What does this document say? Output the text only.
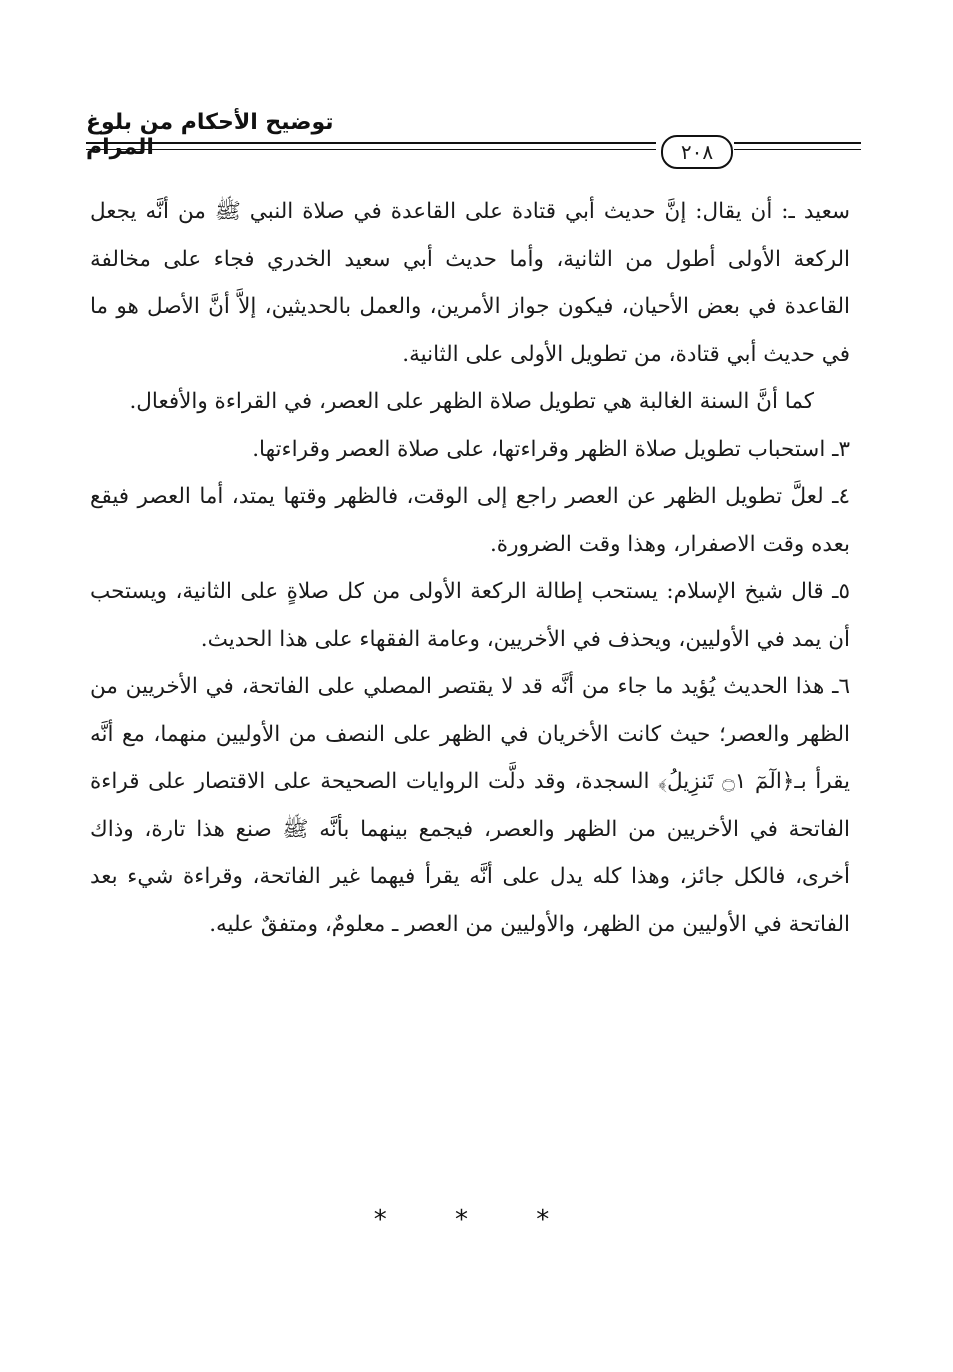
توضيح الأحكام من بلوغ المرام	٢٠٨

سعيد ـ: أن يقال: إنَّ حديث أبي قتادة على القاعدة في صلاة النبي ﷺ من أنَّه يجعل الركعة الأولى أطول من الثانية، وأما حديث أبي سعيد الخدري فجاء على مخالفة القاعدة في بعض الأحيان، فيكون جواز الأمرين، والعمل بالحديثين، إلاَّ أنَّ الأصل هو ما في حديث أبي قتادة، من تطويل الأولى على الثانية.

كما أنَّ السنة الغالبة هي تطويل صلاة الظهر على العصر، في القراءة والأفعال.

٣ـ استحباب تطويل صلاة الظهر وقراءتها، على صلاة العصر وقراءتها.

٤ـ لعلَّ تطويل الظهر عن العصر راجع إلى الوقت، فالظهر وقتها يمتد، أما العصر فيقع بعده وقت الاصفرار، وهذا وقت الضرورة.

٥ـ قال شيخ الإسلام: يستحب إطالة الركعة الأولى من كل صلاةٍ على الثانية، ويستحب أن يمد في الأوليين، ويحذف في الأخريين، وعامة الفقهاء على هذا الحديث.

٦ـ هذا الحديث يُؤيد ما جاء من أنَّه قد لا يقتصر المصلي على الفاتحة، في الأخريين من الظهر والعصر؛ حيث كانت الأخريان في الظهر على النصف من الأوليين منهما، مع أنَّه يقرأ بـ﴿الٓمٓ ۝١ تَنزِيلُ﴾ السجدة، وقد دلَّت الروايات الصحيحة على الاقتصار على قراءة الفاتحة في الأخريين من الظهر والعصر، فيجمع بينهما بأنَّه ﷺ صنع هذا تارة، وذاك أخرى، فالكل جائز، وهذا كله يدل على أنَّه يقرأ فيهما غير الفاتحة، وقراءة شيء بعد الفاتحة في الأوليين من الظهر، والأوليين من العصر ـ معلومٌ، ومتفقٌ عليه.

* * *
